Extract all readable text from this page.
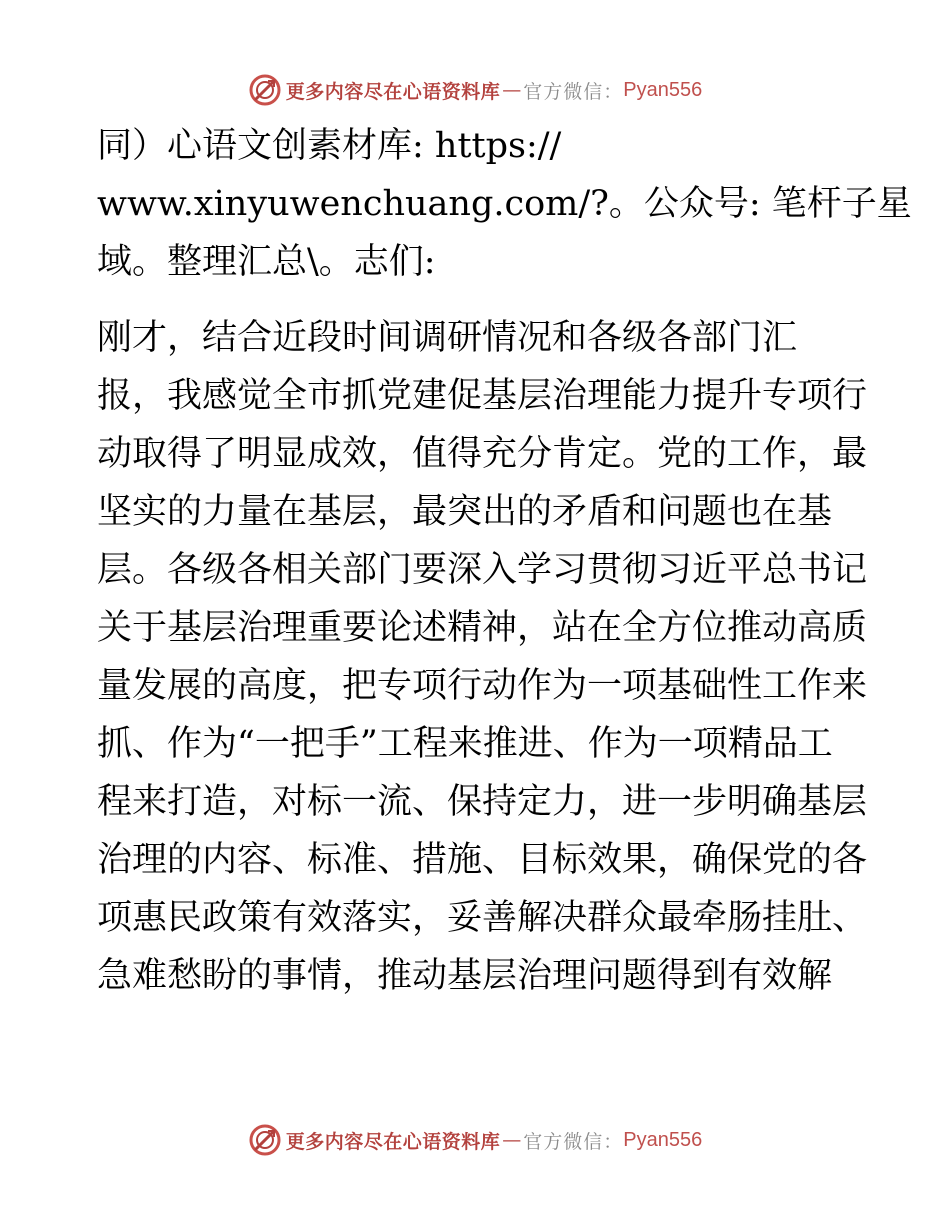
更多内容尽在心语资料库 — 官方微信： Pyan556
同）心语文创素材库: https://
www.xinyuwenchuang.com/?。公众号: 笔杆子星
域。整理汇总\。志们:
刚才，结合近段时间调研情况和各级各部门汇
报，我感觉全市抓党建促基层治理能力提升专项行
动取得了明显成效，值得充分肯定。党的工作，最
坚实的力量在基层，最突出的矛盾和问题也在基
层。各级各相关部门要深入学习贯彻习近平总书记
关于基层治理重要论述精神，站在全方位推动高质
量发展的高度，把专项行动作为一项基础性工作来
抓、作为“一把手”工程来推进、作为一项精品工
程来打造，对标一流、保持定力，进一步明确基层
治理的内容、标准、措施、目标效果，确保党的各
项惠民政策有效落实，妥善解决群众最牵肠挂肚、
急难愁盼的事情，推动基层治理问题得到有效解
更多内容尽在心语资料库 — 官方微信： Pyan556
